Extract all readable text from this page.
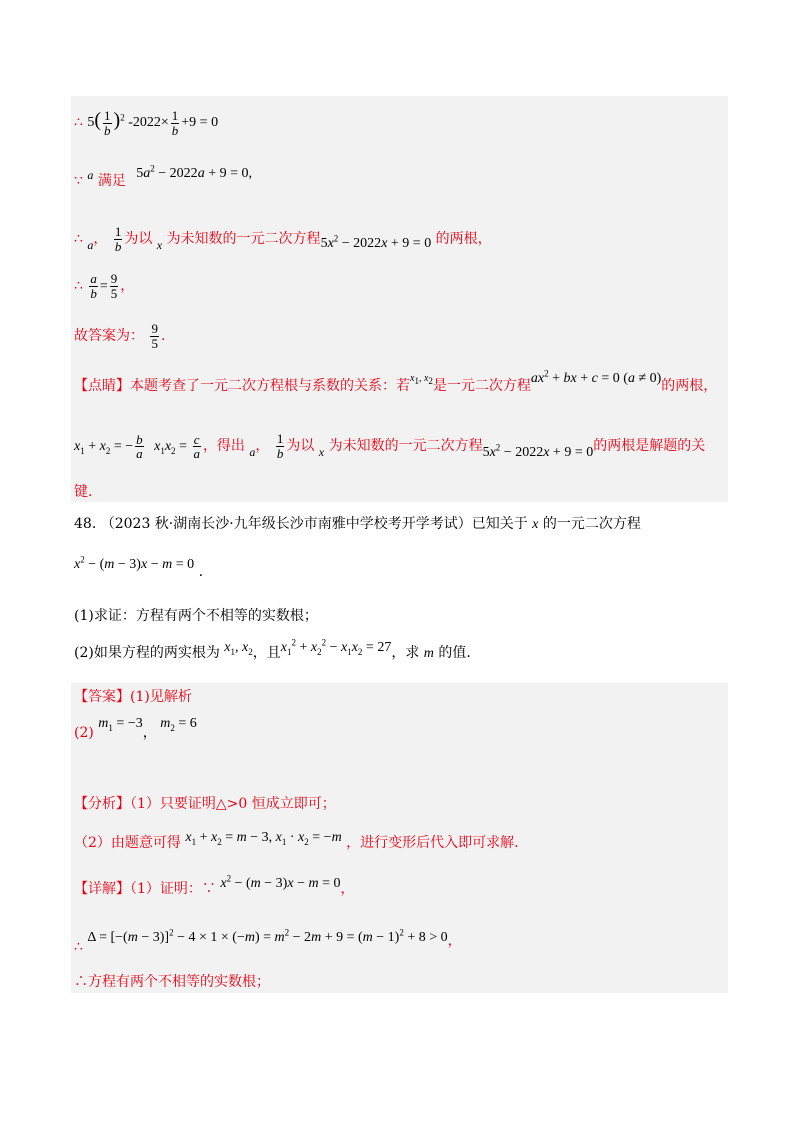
∴ $5( \frac{1}{b} )^2$ $-2022\times \frac{1}{b} +9 = 0$
∵ a 满足 $5a^2 - 2022a + 9 = 0$,
∴ a， $\frac{1}{b}$ 为以 x 为未知数的一元二次方程$5x^2 - 2022x + 9 = 0$ 的两根，
∴ $\frac{a}{b} = \frac{9}{5}$ ，
故答案为： $\frac{9}{5}$ .
【点睛】本题考查了一元二次方程根与系数的关系：若$^{x_1, x_2}$是一元二次方程$ax^2$ + bx + c = 0 (a ≠ 0)的两根，
$x_1 + x_2$ = − $\frac{b}{a} x_1x_2 = \frac{c}{a}$ ，得出 a， $\frac{1}{b}$ 为以 x 为未知数的一元二次方程$5x^2 - 2022x + 9 = 0$的两根是解题的关
键.
48. （2023 秋·湖南长沙·九年级长沙市南雅中学校考开学考试）已知关于 x 的一元二次方程
$x^2 - (m - 3)x - m = 0$ .
(1)求证：方程有两个不相等的实数根；
(2)如果方程的两实根为 $x_1$, $x_2$，且$x_1^2 + x_2^2 - x_1x_2 = 27$，求 m 的值.
【答案】(1)见解析
(2) $m_1 = -3$， $m_2 = 6$
【分析】（1）只要证明△>0 恒成立即可；
（2）由题意可得 $x_1 + x_2 = m - 3$, $x_1 \cdot x_2 = -m$ ，进行变形后代入即可求解.
【详解】（1）证明：∵ $x^2 - (m - 3)x - m = 0$，
∴ $\Delta = [-(m - 3)]^2 - 4 \times 1 \times (-m) = m^2 - 2m + 9 = (m - 1)^2 + 8 > 0$，
∴方程有两个不相等的实数根；
